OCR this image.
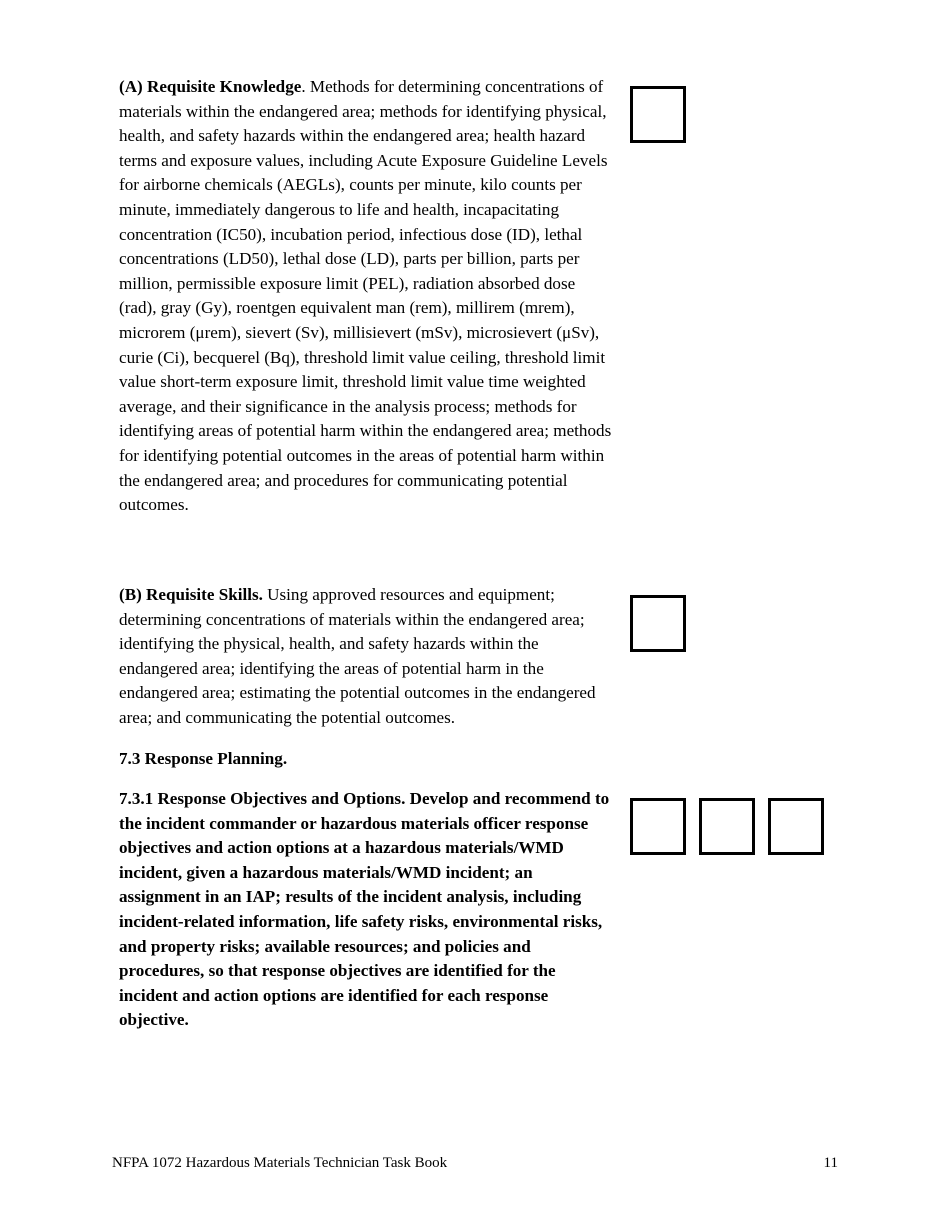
(A) Requisite Knowledge. Methods for determining concentrations of materials within the endangered area; methods for identifying physical, health, and safety hazards within the endangered area; health hazard terms and exposure values, including Acute Exposure Guideline Levels for airborne chemicals (AEGLs), counts per minute, kilo counts per minute, immediately dangerous to life and health, incapacitating concentration (IC50), incubation period, infectious dose (ID), lethal concentrations (LD50), lethal dose (LD), parts per billion, parts per million, permissible exposure limit (PEL), radiation absorbed dose (rad), gray (Gy), roentgen equivalent man (rem), millirem (mrem), microrem (μrem), sievert (Sv), millisievert (mSv), microsievert (μSv), curie (Ci), becquerel (Bq), threshold limit value ceiling, threshold limit value short-term exposure limit, threshold limit value time weighted average, and their significance in the analysis process; methods for identifying areas of potential harm within the endangered area; methods for identifying potential outcomes in the areas of potential harm within the endangered area; and procedures for communicating potential outcomes.

(B) Requisite Skills. Using approved resources and equipment; determining concentrations of materials within the endangered area; identifying the physical, health, and safety hazards within the endangered area; identifying the areas of potential harm in the endangered area; estimating the potential outcomes in the endangered area; and communicating the potential outcomes.

7.3 Response Planning.

7.3.1 Response Objectives and Options. Develop and recommend to the incident commander or hazardous materials officer response objectives and action options at a hazardous materials/WMD incident, given a hazardous materials/WMD incident; an assignment in an IAP; results of the incident analysis, including incident-related information, life safety risks, environmental risks, and property risks; available resources; and policies and procedures, so that response objectives are identified for the incident and action options are identified for each response objective.

NFPA 1072 Hazardous Materials Technician Task Book	11
